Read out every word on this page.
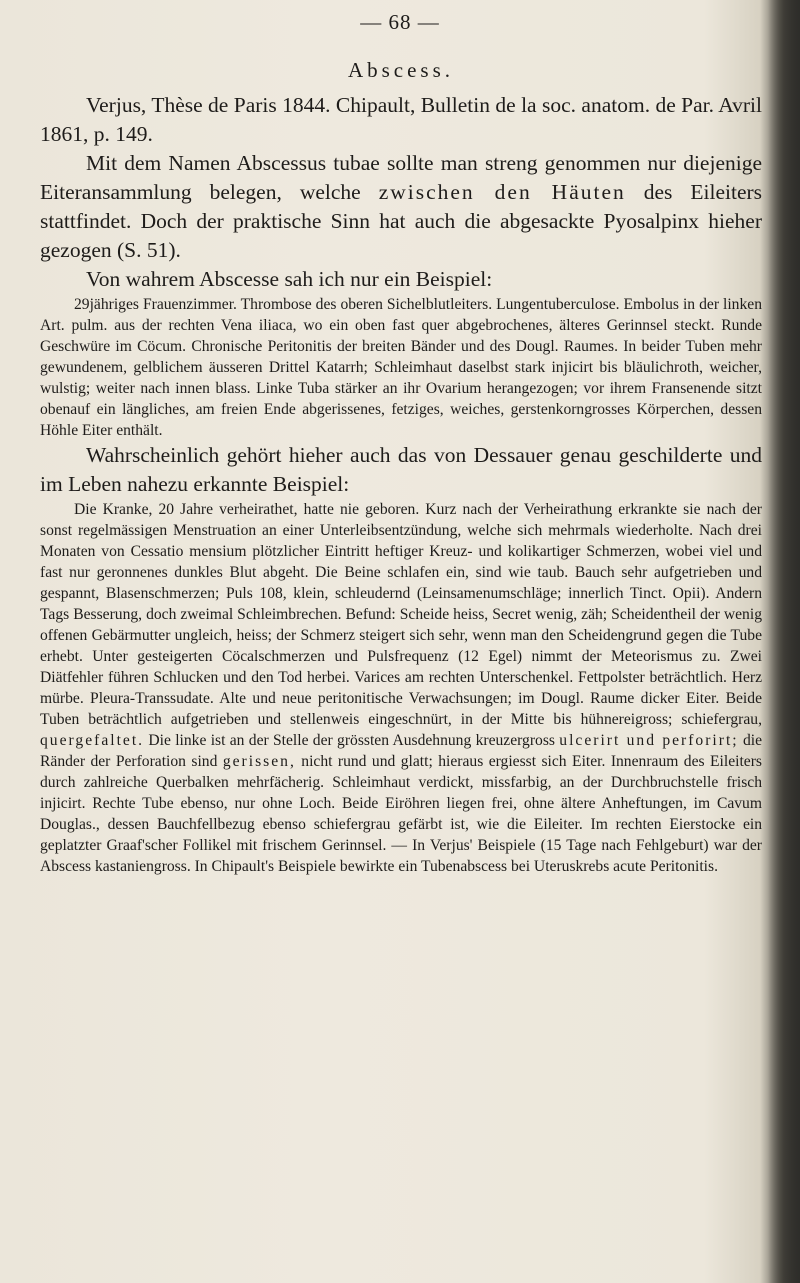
— 68 —
Abscess.

Verjus, Thèse de Paris 1844. Chipault, Bulletin de la soc. anatom. de Par. Avril 1861, p. 149.

Mit dem Namen Abscessus tubae sollte man streng genommen nur diejenige Eiteransammlung belegen, welche zwischen den Häuten des Eileiters stattfindet. Doch der praktische Sinn hat auch die abgesackte Pyosalpinx hieher gezogen (S. 51).

Von wahrem Abscesse sah ich nur ein Beispiel:

29jähriges Frauenzimmer. Thrombose des oberen Sichelblutleiters. Lungentuberculose. Embolus in der linken Art. pulm. aus der rechten Vena iliaca, wo ein oben fast quer abgebrochenes, älteres Gerinnsel steckt. Runde Geschwüre im Cöcum. Chronische Peritonitis der breiten Bänder und des Dougl. Raumes. In beider Tuben mehr gewundenem, gelblichem äusseren Drittel Katarrh; Schleimhaut daselbst stark injicirt bis bläulichroth, weicher, wulstig; weiter nach innen blass. Linke Tuba stärker an ihr Ovarium herangezogen; vor ihrem Fransenende sitzt obenauf ein längliches, am freien Ende abgerissenes, fetziges, weiches, gerstenkorngrosses Körperchen, dessen Höhle Eiter enthält.

Wahrscheinlich gehört hieher auch das von Dessauer genau geschilderte und im Leben nahezu erkannte Beispiel:

Die Kranke, 20 Jahre verheirathet, hatte nie geboren. Kurz nach der Verheirathung erkrankte sie nach der sonst regelmässigen Menstruation an einer Unterleibsentzündung, welche sich mehrmals wiederholte. Nach drei Monaten von Cessatio mensium plötzlicher Eintritt heftiger Kreuz- und kolikartiger Schmerzen, wobei viel und fast nur geronnenes dunkles Blut abgeht. Die Beine schlafen ein, sind wie taub. Bauch sehr aufgetrieben und gespannt, Blasenschmerzen; Puls 108, klein, schleudernd (Leinsamenumschläge; innerlich Tinct. Opii). Andern Tags Besserung, doch zweimal Schleimbrechen. Befund: Scheide heiss, Secret wenig, zäh; Scheidentheil der wenig offenen Gebärmutter ungleich, heiss; der Schmerz steigert sich sehr, wenn man den Scheidengrund gegen die Tube erhebt. Unter gesteigerten Cöcalschmerzen und Pulsfrequenz (12 Egel) nimmt der Meteorismus zu. Zwei Diätfehler führen Schlucken und den Tod herbei. Varices am rechten Unterschenkel. Fettpolster beträchtlich. Herz mürbe. Pleura-Transsudate. Alte und neue peritonitische Verwachsungen; im Dougl. Raume dicker Eiter. Beide Tuben beträchtlich aufgetrieben und stellenweis eingeschnürt, in der Mitte bis hühnereigross; schiefergrau, quergefaltet. Die linke ist an der Stelle der grössten Ausdehnung kreuzergross ulcerirt und perforirt; die Ränder der Perforation sind gerissen, nicht rund und glatt; hieraus ergiesst sich Eiter. Innenraum des Eileiters durch zahlreiche Querbalken mehrfächerig. Schleimhaut verdickt, missfarbig, an der Durchbruchstelle frisch injicirt. Rechte Tube ebenso, nur ohne Loch. Beide Eiröhren liegen frei, ohne ältere Anheftungen, im Cavum Douglas., dessen Bauchfellbezug ebenso schiefergrau gefärbt ist, wie die Eileiter. Im rechten Eierstocke ein geplatzter Graaf'scher Follikel mit frischem Gerinnsel. — In Verjus' Beispiele (15 Tage nach Fehlgeburt) war der Abscess kastaniengross. In Chipault's Beispiele bewirkte ein Tubenabscess bei Uteruskrebs acute Peritonitis.
